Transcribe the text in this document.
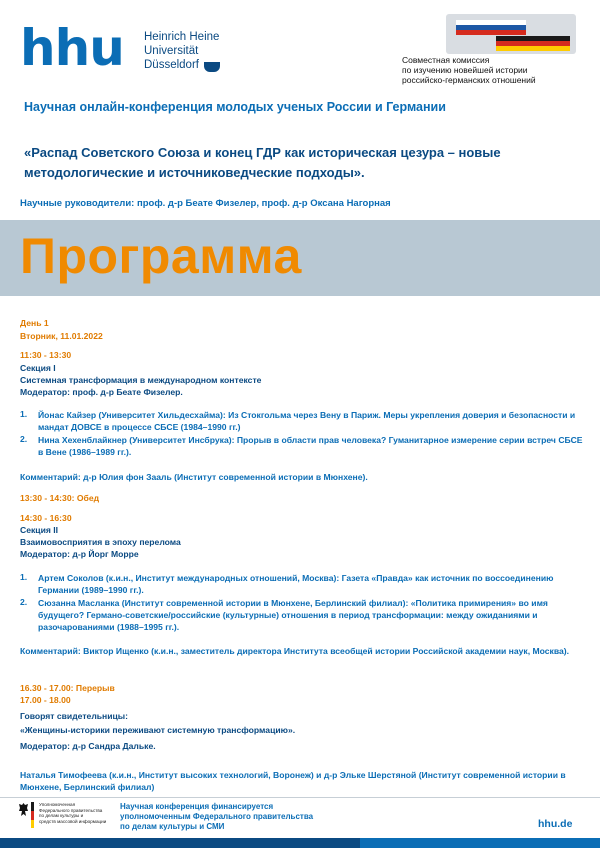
hhu Heinrich Heine
Universität
Düsseldorf	Совместная комиссия
по изучению новейшей истории
российско-германских отношений
Научная онлайн-конференция молодых ученых России и Германии
«Распад Советского Союза и конец ГДР как историческая цезура – новые методологические и источниковедческие подходы».
Научные руководители: проф. д-р Беате Физелер, проф. д-р Оксана Нагорная
Программа
День 1
Вторник, 11.01.2022
11:30 - 13:30
Секция I
Системная трансформация в международном контексте
Модератор: проф. д-р Беате Физелер.
1. Йонас Кайзер (Университет Хильдесхайма): Из Стокгольма через Вену в Париж. Меры укрепления доверия и безопасности и мандат ДОВСЕ в процессе СБСЕ (1984–1990 гг.)
2. Нина Хехенблайкнер (Университет Инсбрука): Прорыв в области прав человека? Гуманитарное измерение серии встреч СБСЕ в Вене (1986–1989 гг.).
Комментарий: д-р Юлия фон Зааль (Институт современной истории в Мюнхене).
13:30 - 14:30: Обед
14:30 - 16:30
Секция II
Взаимовосприятия в эпоху перелома
Модератор: д-р Йорг Морре
1. Артем Соколов (к.и.н., Институт международных отношений, Москва): Газета «Правда» как источник по воссоединению Германии (1989–1990 гг.).
2. Сюзанна Масланка (Институт современной истории в Мюнхене, Берлинский филиал): «Политика примирения» во имя будущего? Германо-советские/российские (культурные) отношения в период трансформации: между ожиданиями и разочарованиями (1988–1995 гг.).
Комментарий: Виктор Ищенко (к.и.н., заместитель директора Института всеобщей истории Российской академии наук, Москва).
16.30 - 17.00: Перерыв
17.00 - 18.00
Говорят свидетельницы:
«Женщины-историки переживают системную трансформацию».
Модератор: д-р Сандра Дальке.
Наталья Тимофеева (к.и.н., Институт высоких технологий, Воронеж) и д-р Эльке Шерстяной (Институт современной истории в Мюнхене, Берлинский филиал)
Уполномоченная
Федерального правительства
по делам культуры и
средств массовой информации
Научная конференция финансируется
уполномоченным Федерального правительства
по делам культуры и СМИ	hhu.de
